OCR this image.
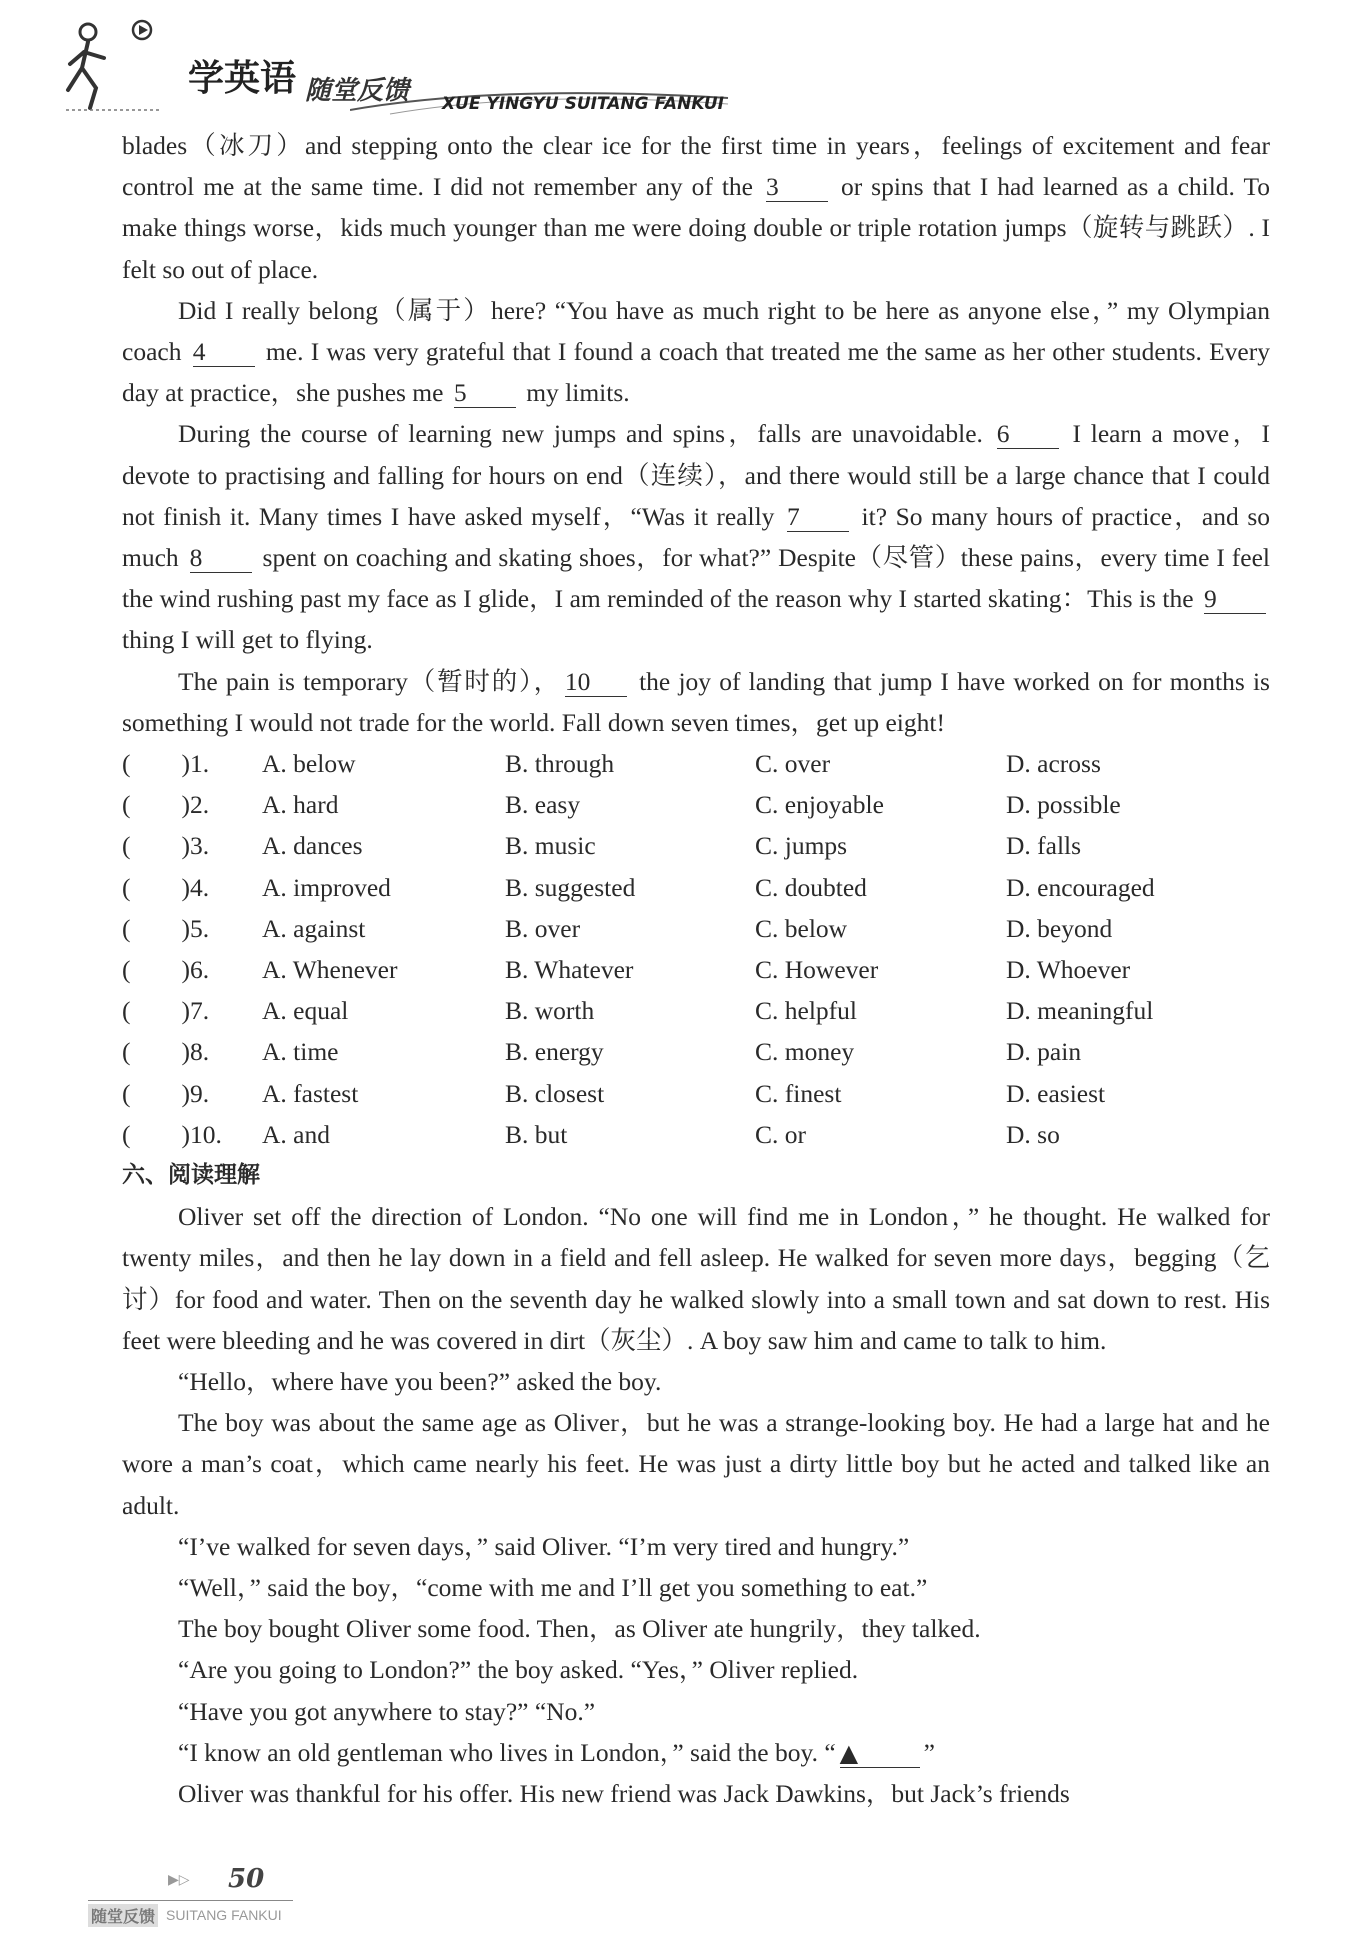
学英语 随堂反馈 XUE YINGYU SUITANG FANKUI

blades（冰刀）and stepping onto the clear ice for the first time in years，feelings of excitement and fear control me at the same time. I did not remember any of the 3 or spins that I had learned as a child. To make things worse，kids much younger than me were doing double or triple rotation jumps（旋转与跳跃）. I felt so out of place.

Did I really belong（属于）here? “You have as much right to be here as anyone else，” my Olympian coach 4 me. I was very grateful that I found a coach that treated me the same as her other students. Every day at practice，she pushes me 5 my limits.

During the course of learning new jumps and spins，falls are unavoidable. 6 I learn a move，I devote to practising and falling for hours on end（连续），and there would still be a large chance that I could not finish it. Many times I have asked myself，“Was it really 7 it? So many hours of practice，and so much 8 spent on coaching and skating shoes，for what?” Despite（尽管）these pains，every time I feel the wind rushing past my face as I glide，I am reminded of the reason why I started skating：This is the 9 thing I will get to flying.

The pain is temporary（暂时的）， 10 the joy of landing that jump I have worked on for months is something I would not trade for the world. Fall down seven times，get up eight!

(　　) 1. A. below	B. through	C. over	D. across
(　　) 2. A. hard	B. easy	C. enjoyable	D. possible
(　　) 3. A. dances	B. music	C. jumps	D. falls
(　　) 4. A. improved	B. suggested	C. doubted	D. encouraged
(　　) 5. A. against	B. over	C. below	D. beyond
(　　) 6. A. Whenever	B. Whatever	C. However	D. Whoever
(　　) 7. A. equal	B. worth	C. helpful	D. meaningful
(　　) 8. A. time	B. energy	C. money	D. pain
(　　) 9. A. fastest	B. closest	C. finest	D. easiest
(　　) 10. A. and	B. but	C. or	D. so

六、阅读理解

Oliver set off the direction of London. “No one will find me in London，” he thought. He walked for twenty miles，and then he lay down in a field and fell asleep. He walked for seven more days，begging（乞讨）for food and water. Then on the seventh day he walked slowly into a small town and sat down to rest. His feet were bleeding and he was covered in dirt（灰尘）. A boy saw him and came to talk to him.

“Hello，where have you been?” asked the boy.

The boy was about the same age as Oliver，but he was a strange-looking boy. He had a large hat and he wore a man’s coat，which came nearly his feet. He was just a dirty little boy but he acted and talked like an adult.

“I’ve walked for seven days，” said Oliver. “I’m very tired and hungry.”

“Well，” said the boy，“come with me and I’ll get you something to eat.”

The boy bought Oliver some food. Then，as Oliver ate hungrily，they talked.

“Are you going to London?” the boy asked. “Yes，” Oliver replied.

“Have you got anywhere to stay?” “No.”

“I know an old gentleman who lives in London，” said the boy. “ ▲	”

Oliver was thankful for his offer. His new friend was Jack Dawkins，but Jack’s friends

▶▷ 50
随堂反馈 SUITANG FANKUI
